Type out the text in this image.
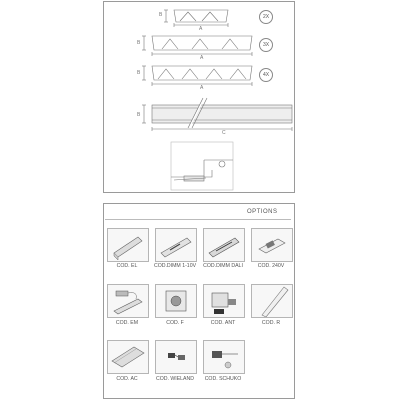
B
A
B
A
B
A
B
C
2X
3X
4X
OPTIONS
COD. EL	COD.DIMM 1-10V	COD.DIMM DALI	COD. 240V
COD. EM	COD. F	COD. ANT	COD. R
COD. AC	COD. WIELAND	COD. SCHUKO
